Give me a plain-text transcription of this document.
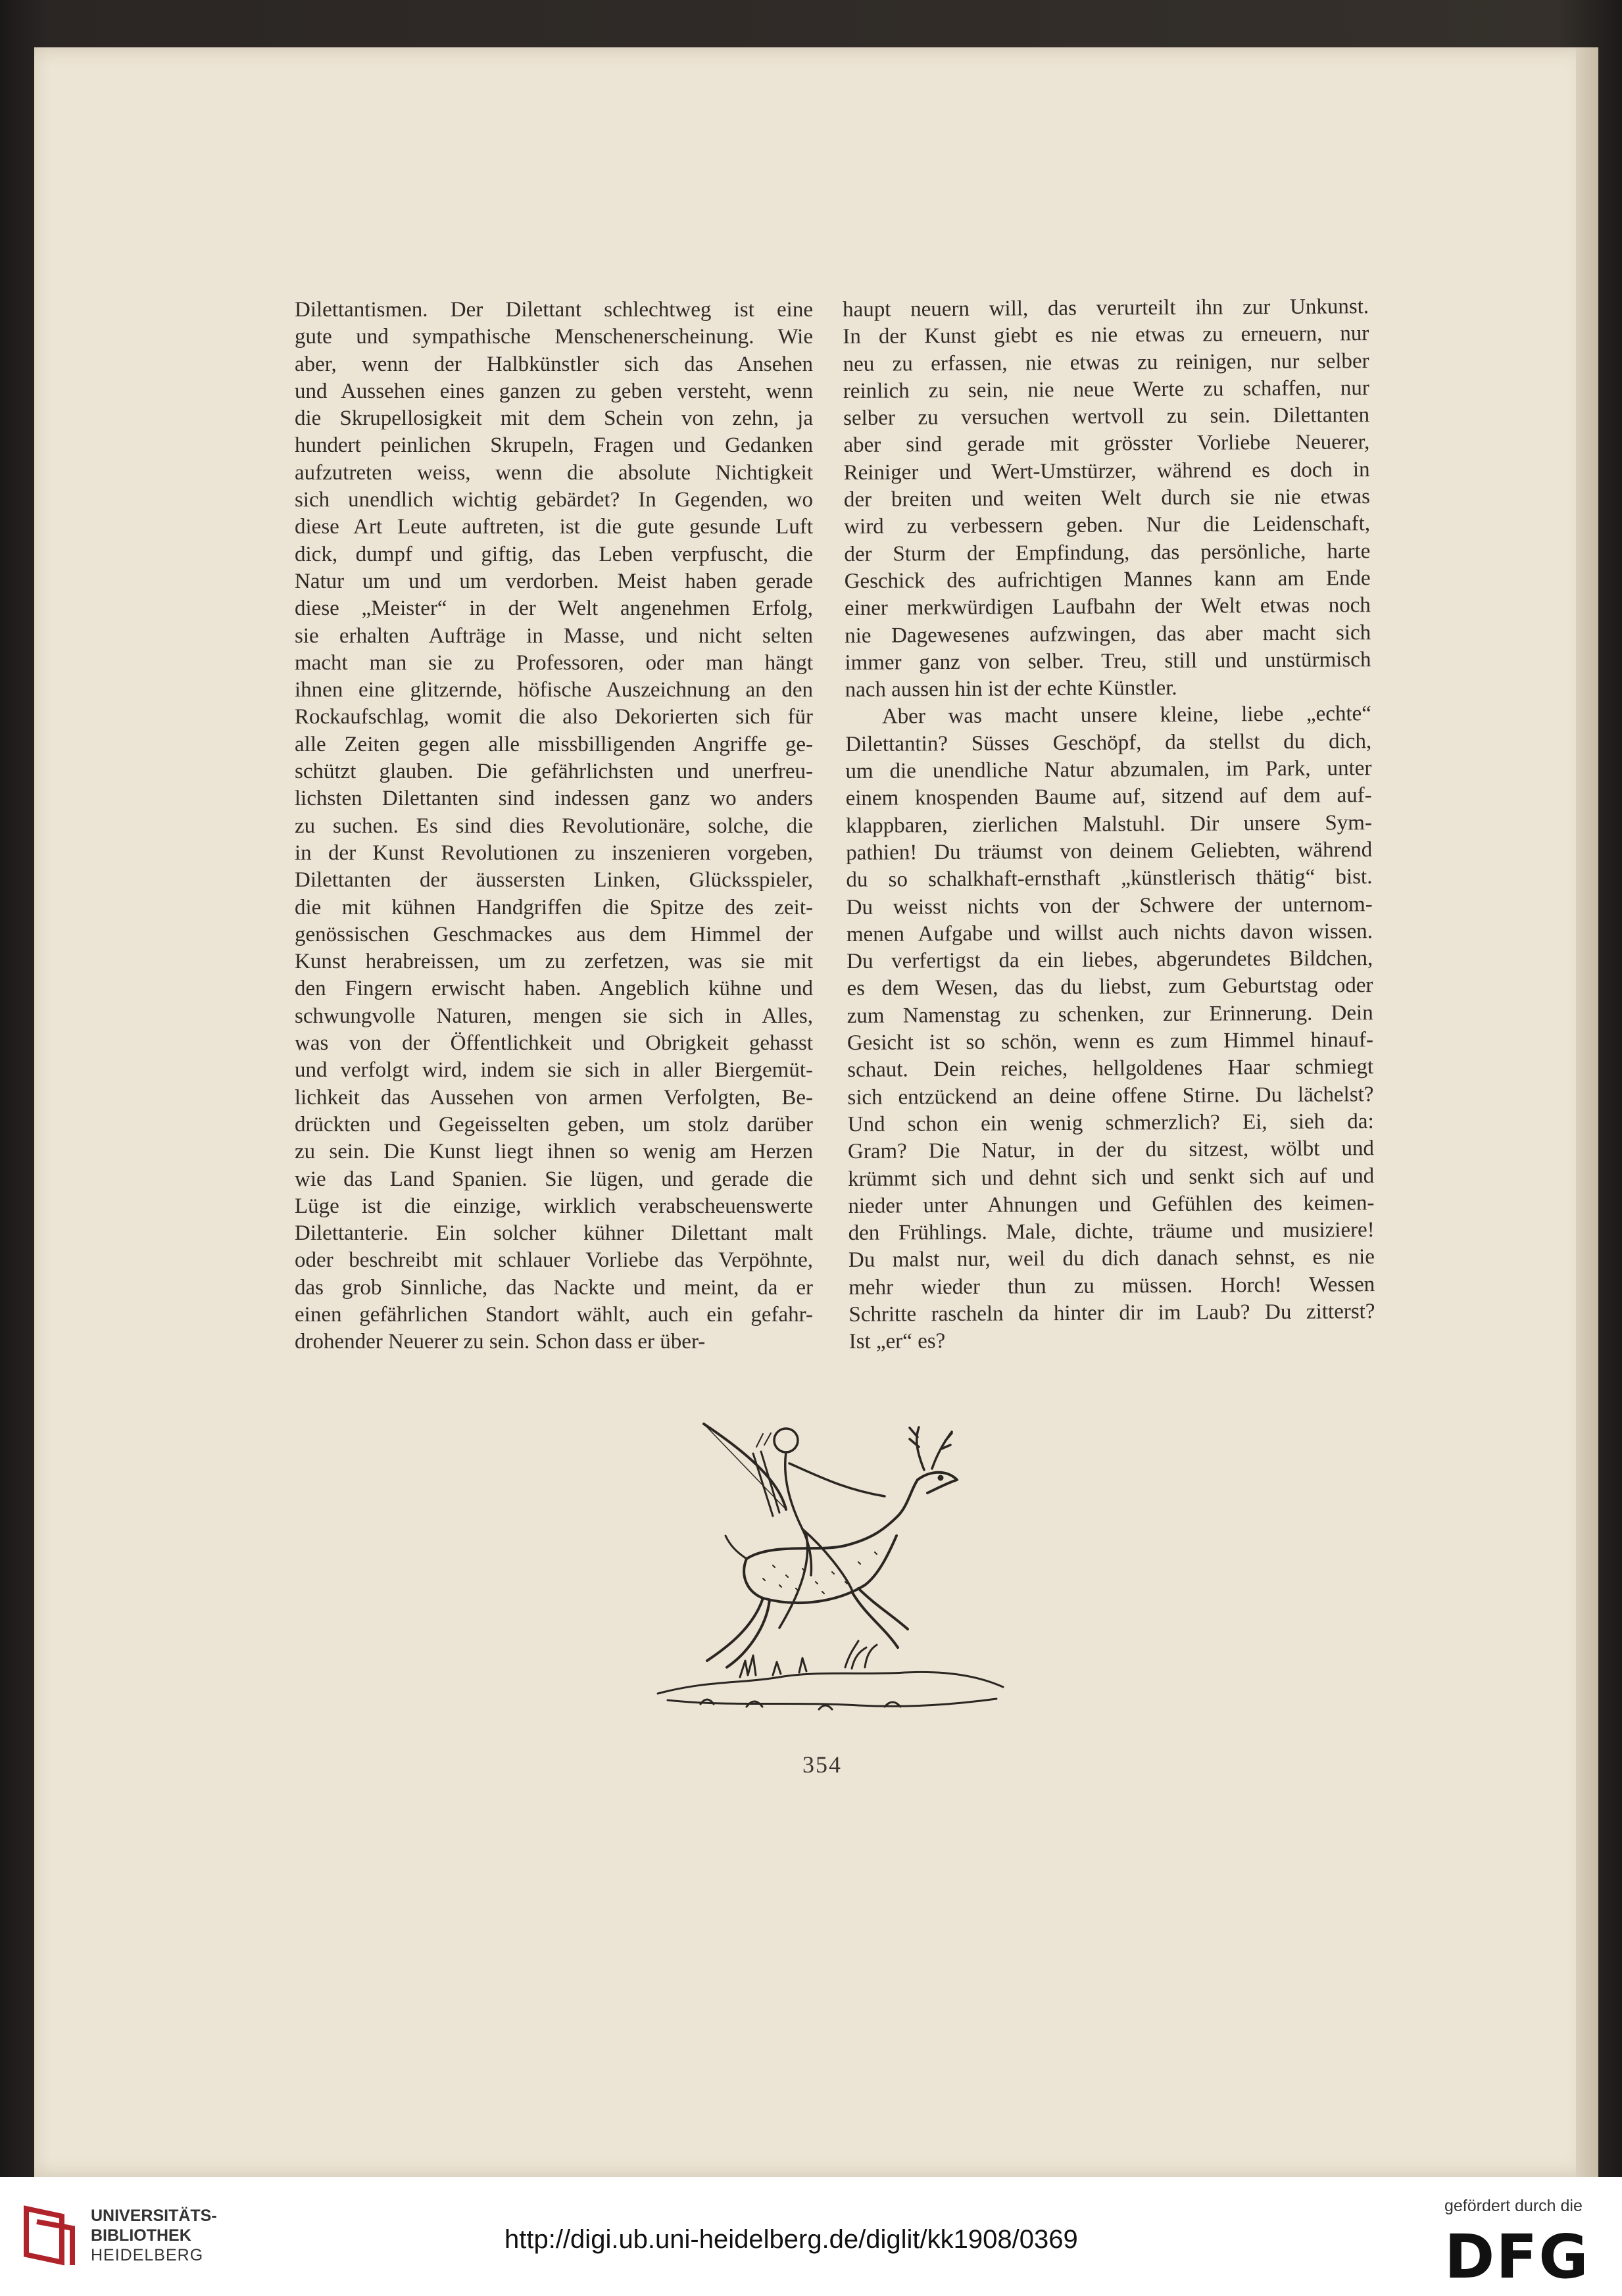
Dilettantismen. Der Dilettant schlechtweg ist eine
gute und sympathische Menschenerscheinung. Wie
aber, wenn der Halbkünstler sich das Ansehen
und Aussehen eines ganzen zu geben versteht, wenn
die Skrupellosigkeit mit dem Schein von zehn, ja
hundert peinlichen Skrupeln, Fragen und Gedanken
aufzutreten weiss, wenn die absolute Nichtigkeit
sich unendlich wichtig gebärdet? In Gegenden, wo
diese Art Leute auftreten, ist die gute gesunde Luft
dick, dumpf und giftig, das Leben verpfuscht, die
Natur um und um verdorben. Meist haben gerade
diese „Meister“ in der Welt angenehmen Erfolg,
sie erhalten Aufträge in Masse, und nicht selten
macht man sie zu Professoren, oder man hängt
ihnen eine glitzernde, höfische Auszeichnung an den
Rockaufschlag, womit die also Dekorierten sich für
alle Zeiten gegen alle missbilligenden Angriffe ge-
schützt glauben. Die gefährlichsten und unerfreu-
lichsten Dilettanten sind indessen ganz wo anders
zu suchen. Es sind dies Revolutionäre, solche, die
in der Kunst Revolutionen zu inszenieren vorgeben,
Dilettanten der äussersten Linken, Glücksspieler,
die mit kühnen Handgriffen die Spitze des zeit-
genössischen Geschmackes aus dem Himmel der
Kunst herabreissen, um zu zerfetzen, was sie mit
den Fingern erwischt haben. Angeblich kühne und
schwungvolle Naturen, mengen sie sich in Alles,
was von der Öffentlichkeit und Obrigkeit gehasst
und verfolgt wird, indem sie sich in aller Biergemüt-
lichkeit das Aussehen von armen Verfolgten, Be-
drückten und Gegeisselten geben, um stolz darüber
zu sein. Die Kunst liegt ihnen so wenig am Herzen
wie das Land Spanien. Sie lügen, und gerade die
Lüge ist die einzige, wirklich verabscheuenswerte
Dilettanterie. Ein solcher kühner Dilettant malt
oder beschreibt mit schlauer Vorliebe das Verpöhnte,
das grob Sinnliche, das Nackte und meint, da er
einen gefährlichen Standort wählt, auch ein gefahr-
drohender Neuerer zu sein. Schon dass er über-

haupt neuern will, das verurteilt ihn zur Unkunst.
In der Kunst giebt es nie etwas zu erneuern, nur
neu zu erfassen, nie etwas zu reinigen, nur selber
reinlich zu sein, nie neue Werte zu schaffen, nur
selber zu versuchen wertvoll zu sein. Dilettanten
aber sind gerade mit grösster Vorliebe Neuerer,
Reiniger und Wert-Umstürzer, während es doch in
der breiten und weiten Welt durch sie nie etwas
wird zu verbessern geben. Nur die Leidenschaft,
der Sturm der Empfindung, das persönliche, harte
Geschick des aufrichtigen Mannes kann am Ende
einer merkwürdigen Laufbahn der Welt etwas noch
nie Dagewesenes aufzwingen, das aber macht sich
immer ganz von selber. Treu, still und unstürmisch
nach aussen hin ist der echte Künstler.

Aber was macht unsere kleine, liebe „echte“
Dilettantin? Süsses Geschöpf, da stellst du dich,
um die unendliche Natur abzumalen, im Park, unter
einem knospenden Baume auf, sitzend auf dem auf-
klappbaren, zierlichen Malstuhl. Dir unsere Sym-
pathien! Du träumst von deinem Geliebten, während
du so schalkhaft-ernsthaft „künstlerisch thätig“ bist.
Du weisst nichts von der Schwere der unternom-
menen Aufgabe und willst auch nichts davon wissen.
Du verfertigst da ein liebes, abgerundetes Bildchen,
es dem Wesen, das du liebst, zum Geburtstag oder
zum Namenstag zu schenken, zur Erinnerung. Dein
Gesicht ist so schön, wenn es zum Himmel hinauf-
schaut. Dein reiches, hellgoldenes Haar schmiegt
sich entzückend an deine offene Stirne. Du lächelst?
Und schon ein wenig schmerzlich? Ei, sieh da:
Gram? Die Natur, in der du sitzest, wölbt und
krümmt sich und dehnt sich und senkt sich auf und
nieder unter Ahnungen und Gefühlen des keimen-
den Frühlings. Male, dichte, träume und musiziere!
Du malst nur, weil du dich danach sehnst, es nie
mehr wieder thun zu müssen. Horch! Wessen
Schritte rascheln da hinter dir im Laub? Du zitterst?
Ist „er“ es?

354
UNIVERSITÄTS-
BIBLIOTHEK
HEIDELBERG
http://digi.ub.uni-heidelberg.de/diglit/kk1908/0369
gefördert durch die
DFG
